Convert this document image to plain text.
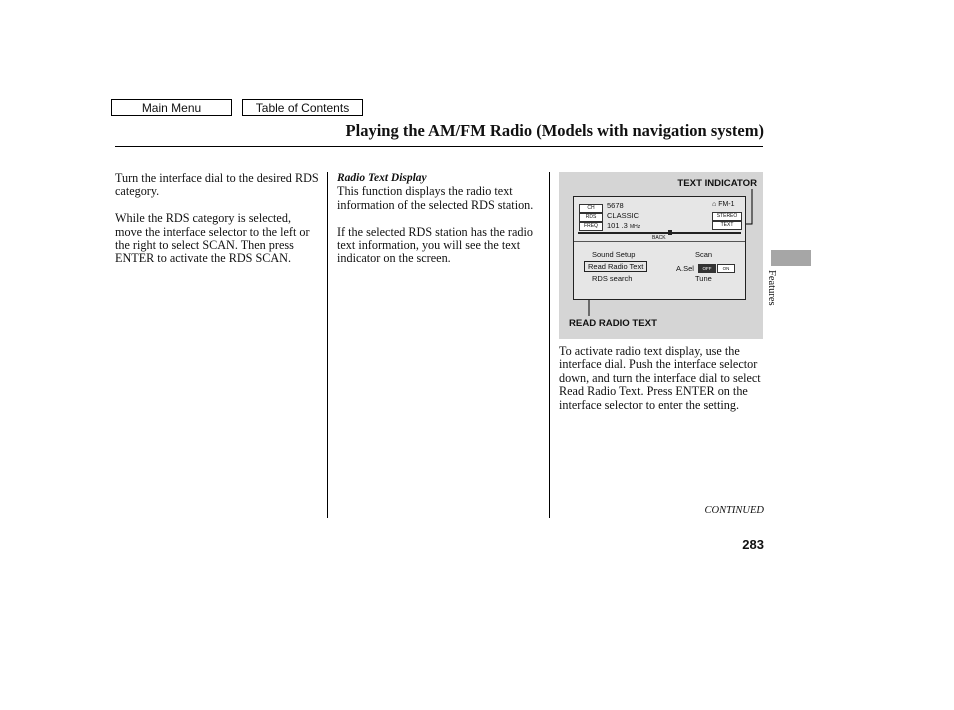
Main Menu	Table of Contents
Playing the AM/FM Radio (Models with navigation system)

Turn the interface dial to the desired RDS category.

While the RDS category is selected, move the interface selector to the left or the right to select SCAN. Then press ENTER to activate the RDS SCAN.

Radio Text Display

This function displays the radio text information of the selected RDS station.

If the selected RDS station has the radio text information, you will see the text indicator on the screen.

TEXT INDICATOR
READ RADIO TEXT
CH
RDS
FREQ
5678
CLASSIC
101 .3 MHz
⌂ FM-1
STEREO
TEXT
BACK
Sound Setup
Read Radio Text
RDS search
Scan
A.Sel	OFF	ON
Tune

To activate radio text display, use the interface dial. Push the interface selector down, and turn the interface dial to select Read Radio Text. Press ENTER on the interface selector to enter the setting.

Features
CONTINUED
283
